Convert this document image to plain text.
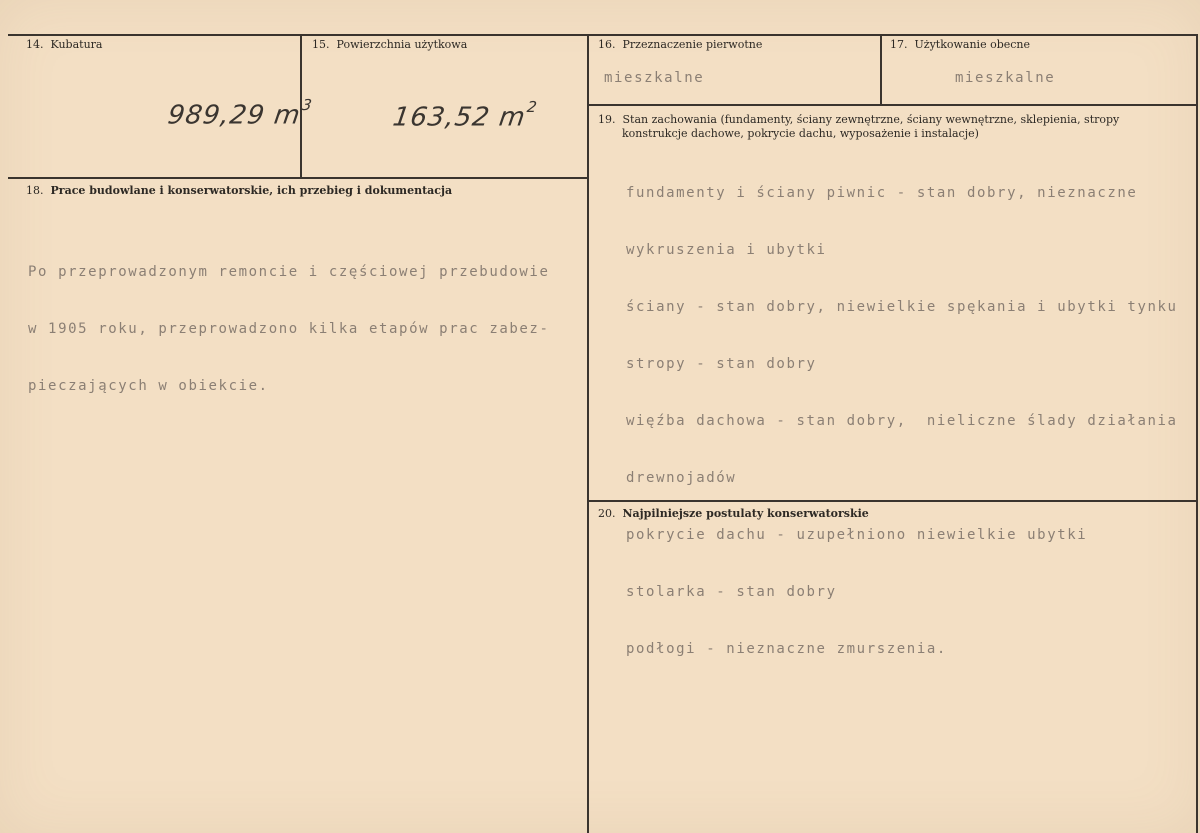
14. Kubatura
989,29 $m^3$
15. Powierzchnia użytkowa
163,52 $m^2$
16. Przeznaczenie pierwotne
mieszkalne
17. Użytkowanie obecne
mieszkalne
18. Prace budowlane i konserwatorskie, ich przebieg i dokumentacja

Po przeprowadzonym remoncie i częściowej przebudowie

w 1905 roku, przeprowadzono kilka etapów prac zabez-

pieczających w obiekcie.

19. Stan zachowania (fundamenty, ściany zewnętrzne, ściany wewnętrzne, sklepienia, stropy
konstrukcje dachowe, pokrycie dachu, wyposażenie i instalacje)

fundamenty i ściany piwnic - stan dobry, nieznaczne

wykruszenia i ubytki

ściany - stan dobry, niewielkie spękania i ubytki tynku

stropy - stan dobry

więźba dachowa - stan dobry,  nieliczne ślady działania

drewnojadów

pokrycie dachu - uzupełniono niewielkie ubytki

stolarka - stan dobry

podłogi - nieznaczne zmurszenia.

20. Najpilniejsze postulaty konserwatorskie
